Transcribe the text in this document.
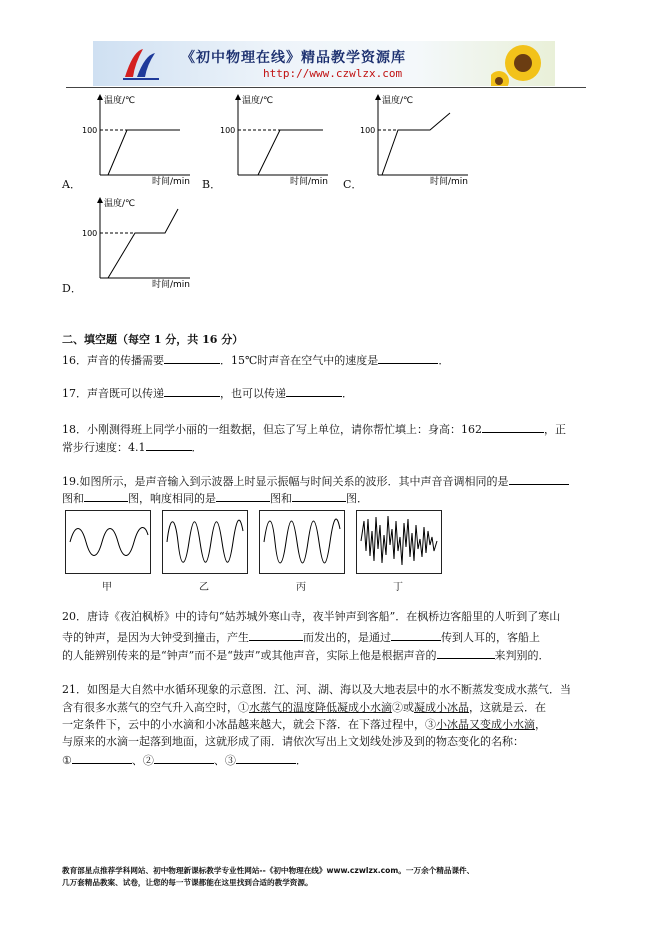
《初中物理在线》精品教学资源库
http://www.czwlzx.com
温度/℃
100
时间/min
A．
温度/℃
100
时间/min
B．
温度/℃
100
时间/min
C．
温度/℃
100
时间/min
D．
二、填空题（每空 1 分，共 16 分）
16．声音的传播需要	．15℃时声音在空气中的速度是	．
17．声音既可以传递	，也可以传递	．
18．小刚测得班上同学小丽的一组数据，但忘了写上单位，请你帮忙填上：身高：162	，正
常步行速度：4.1	．
19.如图所示，是声音输入到示波器上时显示振幅与时间关系的波形．其中声音音调相同的是
图和	图，响度相同的是	图和	图．
甲	乙	丙	丁
20．唐诗《夜泊枫桥》中的诗句“姑苏城外寒山寺，夜半钟声到客船”．在枫桥边客船里的人听到了寒山
寺的钟声，是因为大钟受到撞击，产生	而发出的，是通过	传到人耳的，客船上
的人能辨别传来的是“钟声”而不是“鼓声”或其他声音，实际上他是根据声音的	来判别的．
21．如图是大自然中水循环现象的示意图．江、河、湖、海以及大地表层中的水不断蒸发变成水蒸气．当
含有很多水蒸气的空气升入高空时，①水蒸气的温度降低凝成小水滴②或凝成小冰晶，这就是云．在
一定条件下，云中的小水滴和小冰晶越来越大，就会下落．在下落过程中，③小冰晶又变成小水滴，
与原来的水滴一起落到地面，这就形成了雨．请依次写出上文划线处涉及到的物态变化的名称：
①	、②	、③	．
教育部星点推荐学科网站、初中物理新课标教学专业性网站--《初中物理在线》www.czwlzx.com。一万余个精品课件、
几万套精品教案、试卷，让您的每一节课都能在这里找到合适的教学资源。
